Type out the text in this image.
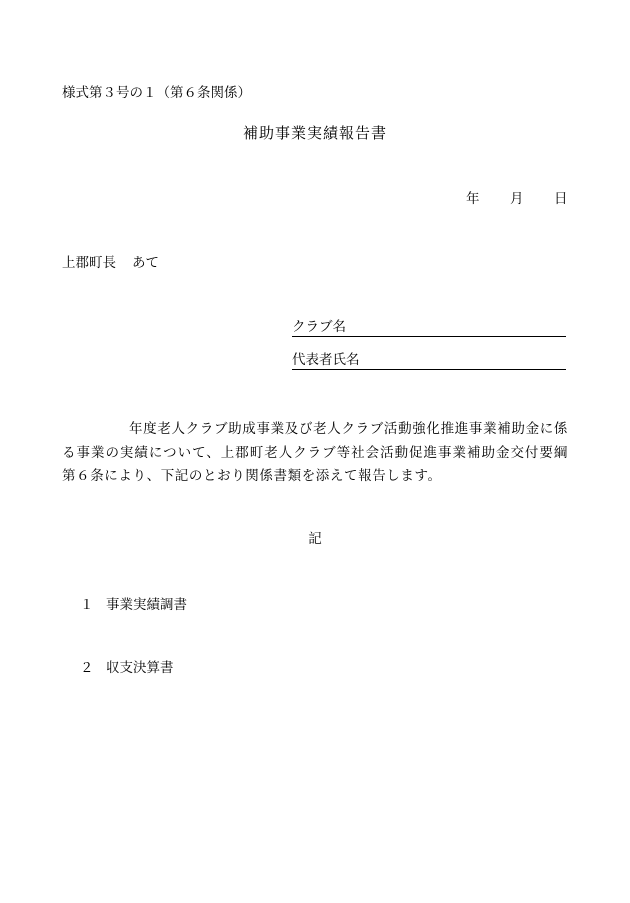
様式第３号の１（第６条関係）
補助事業実績報告書
年 月 日
上郡町長 あて
クラブ名
代表者氏名
年度老人クラブ助成事業及び老人クラブ活動強化推進事業補助金に係る事業の実績について、上郡町老人クラブ等社会活動促進事業補助金交付要綱第６条により、下記のとおり関係書類を添えて報告します。
記
１ 事業実績調書
２ 収支決算書
